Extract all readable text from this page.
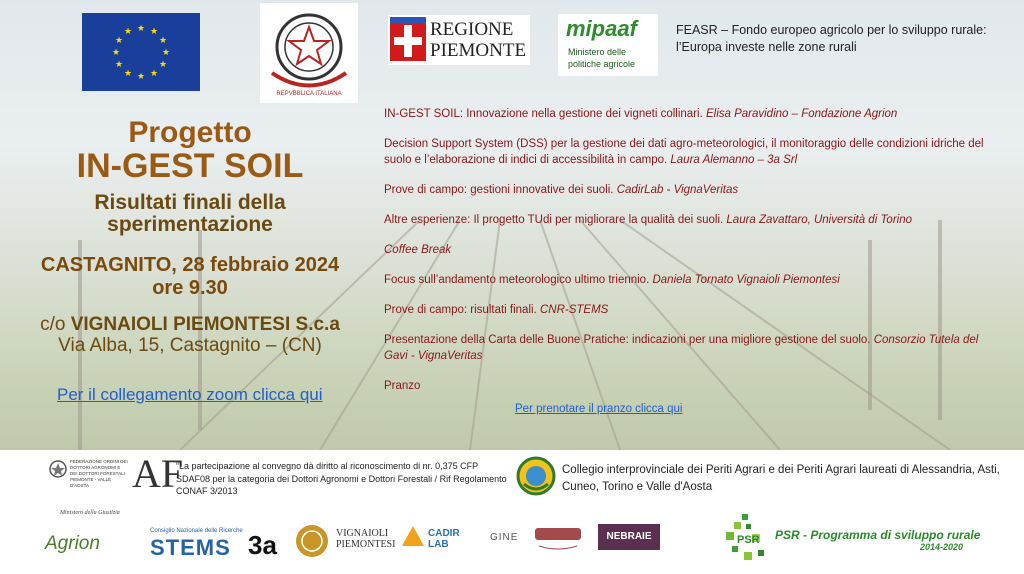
★ ★
★
★
★
★
★
★
★
★
★
★
REPVBBLICA ITALIANA
REGIONE PIEMONTE
mipaaf
Ministero delle
politiche agricole
FEASR – Fondo europeo agricolo per lo sviluppo rurale:
l’Europa investe nelle zone rurali
Progetto
IN-GEST SOIL
Risultati finali della
sperimentazione
CASTAGNITO, 28 febbraio 2024
ore 9.30
c/o VIGNAIOLI PIEMONTESI S.c.a
Via Alba, 15, Castagnito – (CN)
Per il collegamento zoom clicca qui
IN-GEST SOIL: Innovazione nella gestione dei vigneti collinari. Elisa Paravidino – Fondazione Agrion
Decision Support System (DSS) per la gestione dei dati agro-meteorologici, il monitoraggio delle condizioni idriche del suolo e l’elaborazione di indici di accessibilità in campo. Laura Alemanno – 3a Srl
Prove di campo: gestioni innovative dei suoli. CadirLab - VignaVeritas
Altre esperienze: Il progetto TUdi per migliorare la qualità dei suoli. Laura Zavattaro, Università di Torino
Coffee Break
Focus sull’andamento meteorologico ultimo triennio. Daniela Tornato Vignaioli Piemontesi
Prove di campo: risultati finali. CNR-STEMS
Presentazione della Carta delle Buone Pratiche: indicazioni per una migliore gestione del suolo. Consorzio Tutela del Gavi - VignaVeritas
Pranzo
Per prenotare il pranzo clicca qui
FEDERAZIONE ORDINI DEI DOTTORI AGRONOMI E DEI DOTTORI FORESTALI PIEMONTE - VALLE D'AOSTA
Ministero della Giustizia
AF
“La partecipazione al convegno dà diritto al riconoscimento di nr. 0,375 CFP SDAF08 per la categoria dei Dottori Agronomi e Dottori Forestali / Rif Regolamento CONAF 3/2013
Collegio interprovinciale dei Periti Agrari e dei Periti Agrari laureati di Alessandria, Asti, Cuneo, Torino e Valle d'Aosta
Agrion
Consiglio Nazionale delle Ricerche
STEMS 3a	VIGNAIOLI PIEMONTESI
CADIR LAB
GINE	NEBRAIE	PSR PSR - Programma di sviluppo rurale
2014-2020
